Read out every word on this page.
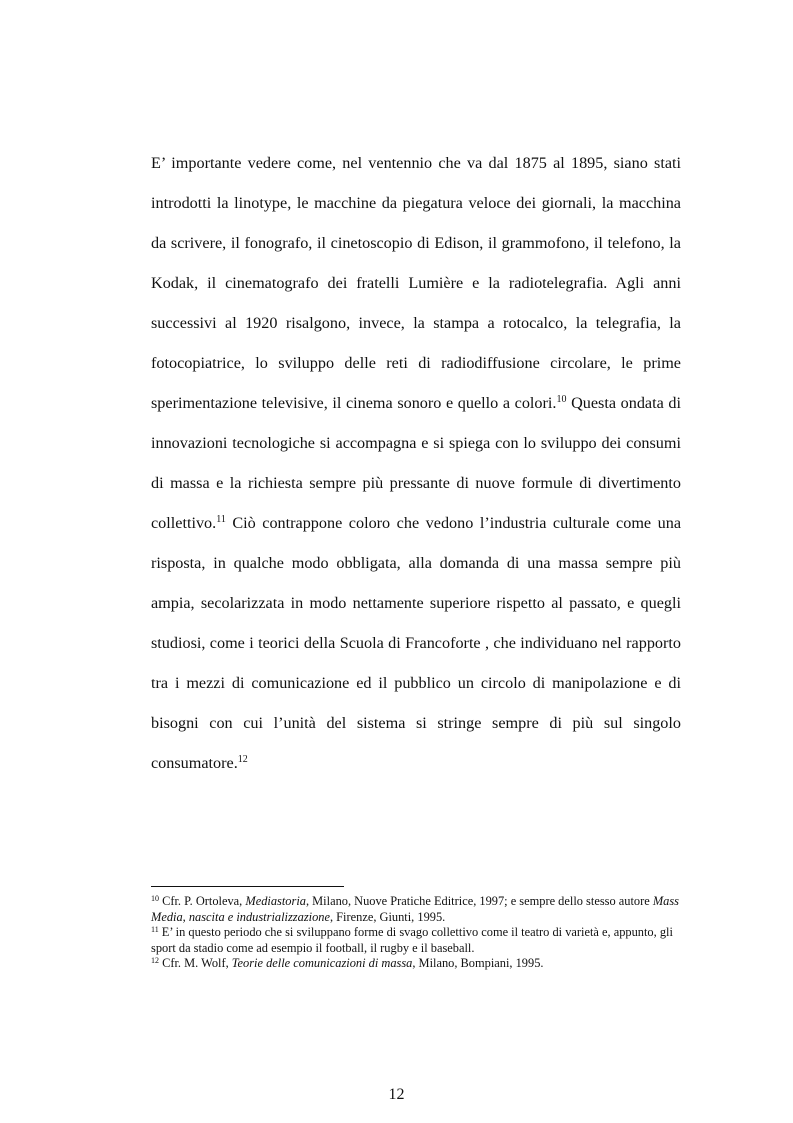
E’ importante vedere come, nel ventennio che va dal 1875 al 1895, siano stati introdotti la linotype, le macchine da piegatura veloce dei giornali, la macchina da scrivere, il fonografo, il cinetoscopio di Edison, il grammofono, il telefono, la Kodak, il cinematografo dei fratelli Lumière e la radiotelegrafia. Agli anni successivi al 1920 risalgono, invece, la stampa a rotocalco, la telegrafia, la fotocopiatrice, lo sviluppo delle reti di radiodiffusione circolare, le prime sperimentazione televisive, il cinema sonoro e quello a colori.$^{10}$ Questa ondata di innovazioni tecnologiche si accompagna e si spiega con lo sviluppo dei consumi di massa e la richiesta sempre più pressante di nuove formule di divertimento collettivo.$^{11}$ Ciò contrappone coloro che vedono l’industria culturale come una risposta, in qualche modo obbligata, alla domanda di una massa sempre più ampia, secolarizzata in modo nettamente superiore rispetto al passato, e quegli studiosi, come i teorici della Scuola di Francoforte , che individuano nel rapporto tra i mezzi di comunicazione ed il pubblico un circolo di manipolazione e di bisogni con cui l’unità del sistema si stringe sempre di più sul singolo consumatore.$^{12}$

$^{10}$ Cfr. P. Ortoleva, Mediastoria, Milano, Nuove Pratiche Editrice, 1997; e sempre dello stesso autore Mass Media, nascita e industrializzazione, Firenze, Giunti, 1995.

$^{11}$ E’ in questo periodo che si sviluppano forme di svago collettivo come il teatro di varietà e, appunto, gli sport da stadio come ad esempio il football, il rugby e il baseball.

$^{12}$ Cfr. M. Wolf, Teorie delle comunicazioni di massa, Milano, Bompiani, 1995.

12
